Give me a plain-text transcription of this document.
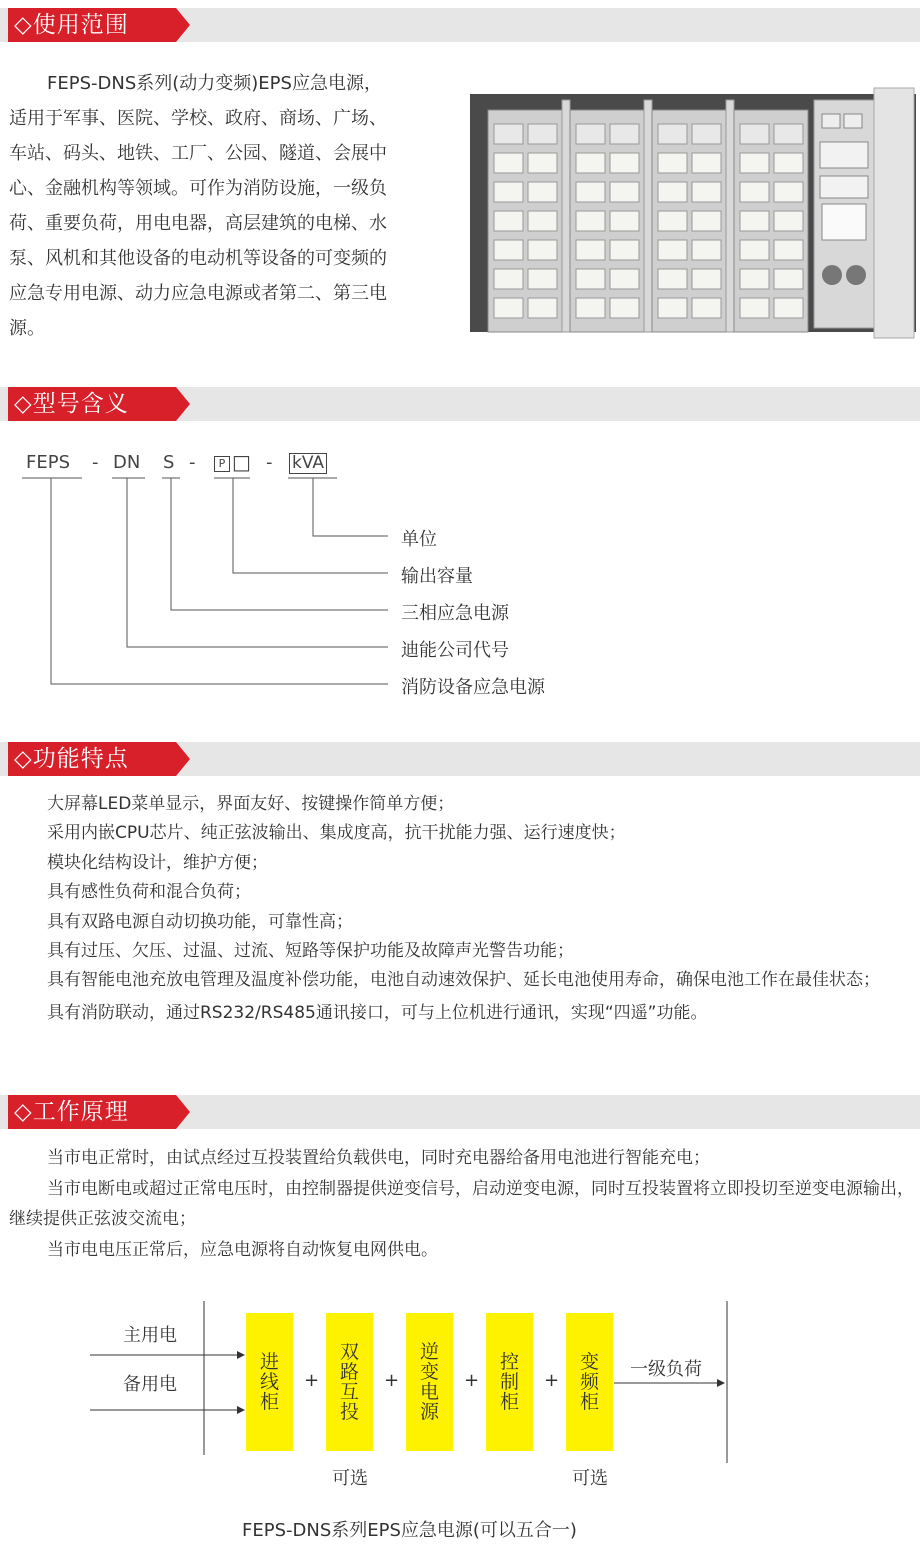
◇使用范围
FEPS-DNS系列(动力变频)EPS应急电源，
适用于军事、医院、学校、政府、商场、广场、
车站、码头、地铁、工厂、公园、隧道、会展中
心、金融机构等领域。可作为消防设施，一级负
荷、重要负荷，用电电器，高层建筑的电梯、水
泵、风机和其他设备的电动机等设备的可变频的
应急专用电源、动力应急电源或者第二、第三电
源。
◇型号含义
FEPS - DN S -	P □ - kVA
单位
输出容量
三相应急电源
迪能公司代号
消防设备应急电源
◇功能特点
大屏幕LED菜单显示，界面友好、按键操作简单方便；
采用内嵌CPU芯片、纯正弦波输出、集成度高，抗干扰能力强、运行速度快；
模块化结构设计，维护方便；
具有感性负荷和混合负荷；
具有双路电源自动切换功能，可靠性高；
具有过压、欠压、过温、过流、短路等保护功能及故障声光警告功能；
具有智能电池充放电管理及温度补偿功能，电池自动速效保护、延长电池使用寿命，确保电池工作在最佳状态；
具有消防联动，通过RS232/RS485通讯接口，可与上位机进行通讯，实现“四遥”功能。
◇工作原理
当市电正常时，由试点经过互投装置给负载供电，同时充电器给备用电池进行智能充电；
当市电断电或超过正常电压时，由控制器提供逆变信号，启动逆变电源，同时互投装置将立即投切至逆变电源输出，继续提供正弦波交流电；
当市电电压正常后，应急电源将自动恢复电网供电。
主用电
备用电
进线柜
+
双路互投
+
逆变电源
+
控制柜
+
变频柜
一级负荷
可选	可选
FEPS-DNS系列EPS应急电源(可以五合一)
